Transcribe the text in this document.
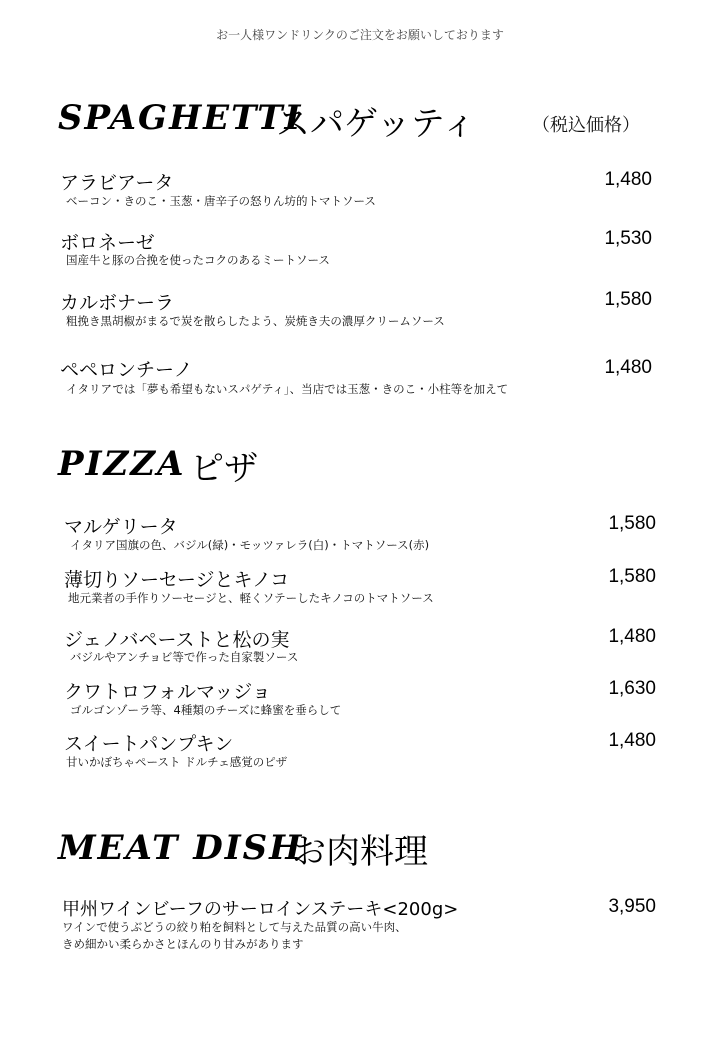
お一人様ワンドリンクのご注文をお願いしております
SPAGHETTI
スパゲッティ	（税込価格）
アラビアータ
ベーコン・きのこ・玉葱・唐辛子の怒りん坊的トマトソース
1,480
ボロネーゼ
国産牛と豚の合挽を使ったコクのあるミートソース
1,530
カルボナーラ
粗挽き黒胡椒がまるで炭を散らしたよう、炭焼き夫の濃厚クリームソース
1,580
ペペロンチーノ
イタリアでは「夢も希望もないスパゲティ」、当店では玉葱・きのこ・小柱等を加えて
1,480
PIZZA ピザ
マルゲリータ
イタリア国旗の色、バジル(緑)・モッツァレラ(白)・トマトソース(赤)
1,580
薄切りソーセージとキノコ
地元業者の手作りソーセージと、軽くソテーしたキノコのトマトソース
1,580
ジェノバペーストと松の実
バジルやアンチョビ等で作った自家製ソース
1,480
クワトロフォルマッジョ
ゴルゴンゾーラ等、4種類のチーズに蜂蜜を垂らして
1,630
スイートパンプキン
甘いかぼちゃペースト ドルチェ感覚のピザ
1,480
MEAT DISH
お肉料理
甲州ワインビーフのサーロインステーキ<200g>
ワインで使うぶどうの絞り粕を飼料として与えた品質の高い牛肉、
きめ細かい柔らかさとほんのり甘みがあります
3,950
